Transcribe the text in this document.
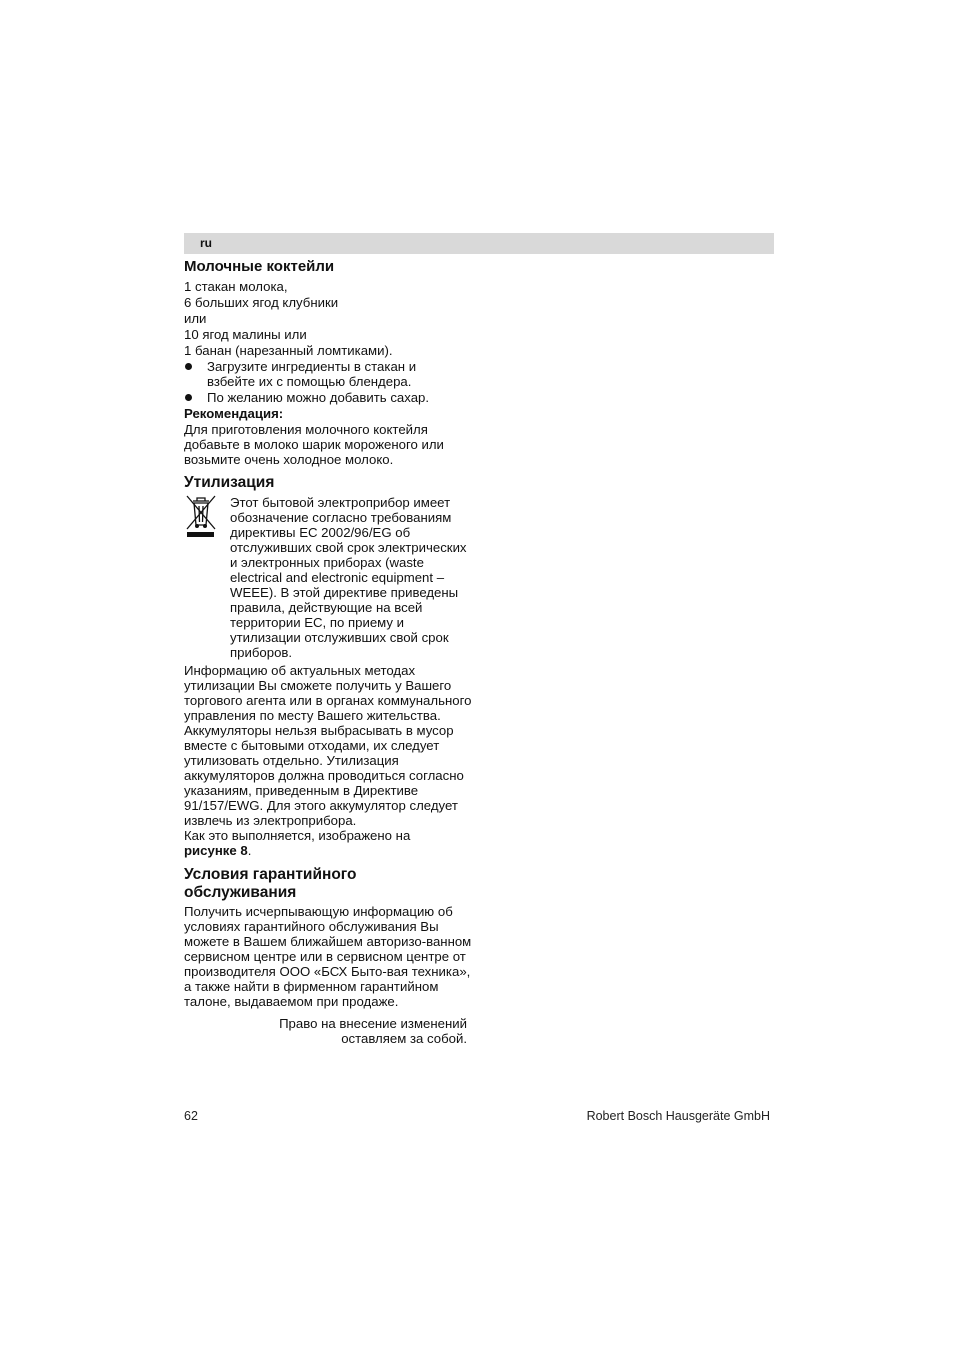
ru
Молочные коктейли

1 стакан молока,

6 больших ягод клубники

или

10 ягод малины или

1 банан (нарезанный ломтиками).

Загрузите ингредиенты в стакан и взбейте их с помощью блендера.

По желанию можно добавить сахар.

Рекомендация:

Для приготовления молочного коктейля добавьте в молоко шарик мороженого или возьмите очень холодное молоко.

Утилизация

Этот бытовой электроприбор имеет обозначение согласно требованиям директивы ЕС 2002/96/EG об отслуживших свой срок электрических и электронных приборах (waste electrical and electronic equipment – WEEE). В этой директиве приведены правила, действующие на всей территории ЕС, по приему и утилизации отслуживших свой срок приборов.

Информацию об актуальных методах утилизации Вы сможете получить у Вашего торгового агента или в органах коммунального управления по месту Вашего жительства.

Аккумуляторы нельзя выбрасывать в мусор вместе с бытовыми отходами, их следует утилизовать отдельно. Утилизация аккумуляторов должна проводиться согласно указаниям, приведенным в Директиве 91/157/EWG. Для этого аккумулятор следует извлечь из электроприбора.

Как это выполняется, изображено на рисунке 8.

Условия гарантийного обслуживания

Получить исчерпывающую информацию об условиях гарантийного обслуживания Вы можете в Вашем ближайшем авторизо-ванном сервисном центре или в сервисном центре от производителя ООО «БСХ Быто-вая техника», а также найти в фирменном гарантийном талоне, выдаваемом при продаже.

Право на внесение изменений

оставляем за собой.

62	Robert Bosch Hausgeräte GmbH
